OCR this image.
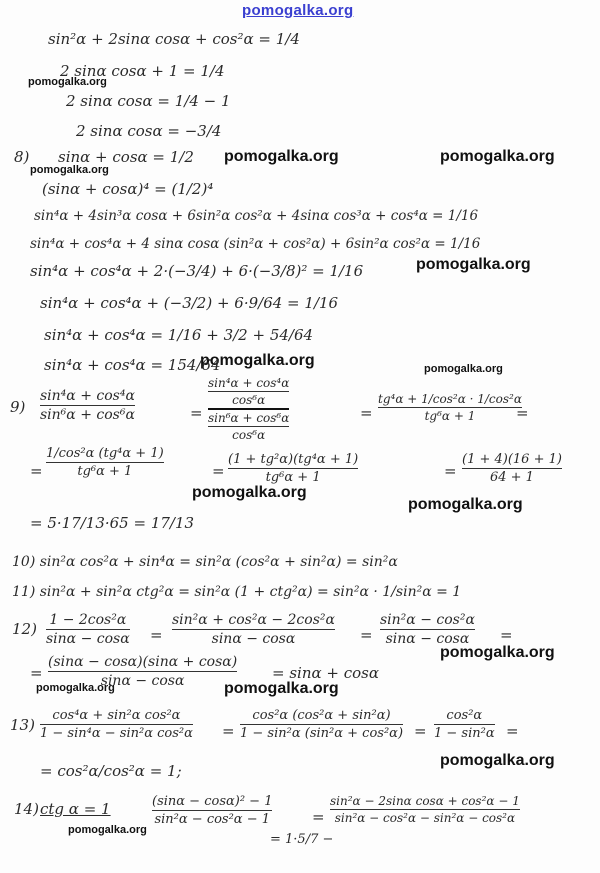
pomogalka.org
pomogalka.org
pomogalka.org
pomogalka.org	pomogalka.org
pomogalka.org
pomogalka.org	pomogalka.org
pomogalka.org
pomogalka.org
pomogalka.org
pomogalka.org	pomogalka.org
pomogalka.org
pomogalka.org
sin²α + 2sinα cosα + cos²α = 1/4
2 sinα cosα + 1 = 1/4
2 sinα cosα = 1/4 − 1
2 sinα cosα = −3/4
8) sinα + cosα = 1/2
(sinα + cosα)⁴ = (1/2)⁴
sin⁴α + 4sin³α cosα + 6sin²α cos²α + 4sinα cos³α + cos⁴α = 1/16
sin⁴α + cos⁴α + 4 sinα cosα (sin²α + cos²α) + 6sin²α cos²α = 1/16
sin⁴α + cos⁴α + 2·(−3/4) + 6·(−3/8)² = 1/16
sin⁴α + cos⁴α + (−3/2) + 6·9/64 = 1/16
sin⁴α + cos⁴α = 1/16 + 3/2 + 54/64
sin⁴α + cos⁴α = 154/64
9)
sin⁴α + cos⁴α
sin⁶α + cos⁶α	=
sin⁴α + cos⁴α
cos⁶α
sin⁶α + cos⁶α
cos⁶α
=
tg⁴α + 1/cos²α · 1/cos²α
tg⁶α + 1	=
=
1/cos²α (tg⁴α + 1)
tg⁶α + 1	=
(1 + tg²α)(tg⁴α + 1)
tg⁶α + 1	=
(1 + 4)(16 + 1)
64 + 1
= 5·17/13·65 = 17/13
10) sin²α cos²α + sin⁴α = sin²α (cos²α + sin²α) = sin²α
11) sin²α + sin²α ctg²α = sin²α (1 + ctg²α) = sin²α · 1/sin²α = 1
12) 1 − 2cos²α
sinα − cosα =
sin²α + cos²α − 2cos²α
sinα − cosα	=
sin²α − cos²α
sinα − cosα =
=
(sinα − cosα)(sinα + cosα)
sinα − cosα	= sinα + cosα
13)
cos⁴α + sin²α cos²α
1 − sin⁴α − sin²α cos²α =
cos²α (cos²α + sin²α)
1 − sin²α (sin²α + cos²α) =
cos²α
1 − sin²α =
= cos²α/cos²α = 1;
14) ctg α = 1	(sinα − cosα)² − 1
sin²α − cos²α − 1	=
sin²α − 2sinα cosα + cos²α − 1
sin²α − cos²α − sin²α − cos²α
= 1·5/7 −
